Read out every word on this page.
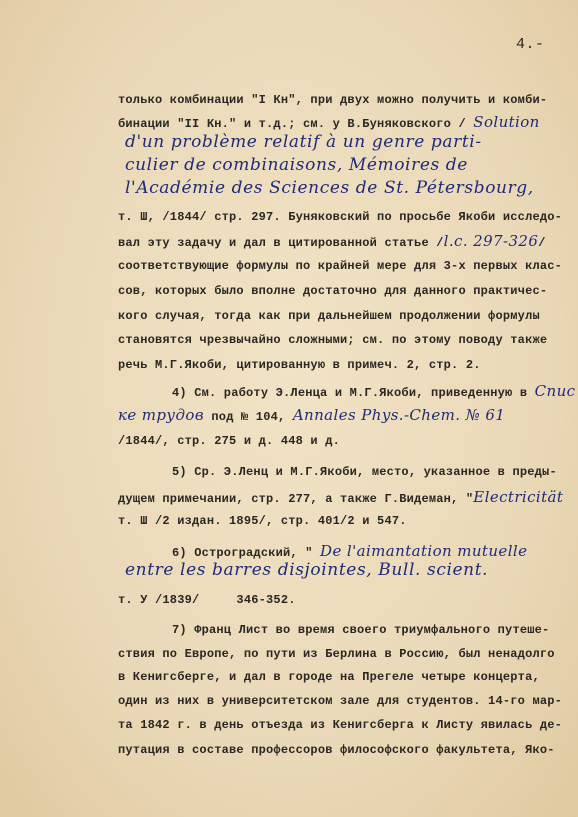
4.-
только комбинации "I Кн", при двух можно получить и комби-
бинации "II Кн." и т.д.; см. у В.Буняковского / Solution
d'un problème relatif à un genre parti-
culier de combinaisons, Mémoires de
l'Académie des Sciences de St. Pétersbourg,
т. Ш, /1844/ стр. 297. Буняковский по просьбе Якоби исследо-
вал эту задачу и дал в цитированной статье /l.c. 297-326/
соответствующие формулы по крайней мере для 3-х первых клас-
сов, которых было вполне достаточно для данного практичес-
кого случая, тогда как при дальнейшем продолжении формулы
становятся чрезвычайно сложными; см. по этому поводу также
речь М.Г.Якоби, цитированную в примеч. 2, стр. 2.
4) См. работу Э.Ленца и М.Г.Якоби, приведенную в Спис
ке трудов под № 104, Annales Phys.-Chem. № 61
/1844/, стр. 275 и д. 448 и д.
5) Ср. Э.Ленц и М.Г.Якоби, место, указанное в преды-
дущем примечании, стр. 277, а также Г.Видеман, "Electricität
т. Ш /2 издан. 1895/, стр. 401/2 и 547.
6) Остроградский, " De l'aimantation mutuelle
entre les barres disjointes, Bull. scient.
т. У /1839/     346-352.
7) Франц Лист во время своего триумфального путеше-
ствия по Европе, по пути из Берлина в Россию, был ненадолго
в Кенигсберге, и дал в городе на Прегеле четыре концерта,
один из них в университетском зале для студентов. 14-го мар-
та 1842 г. в день отъезда из Кенигсберга к Листу явилась де-
путация в составе профессоров философского факультета, Яко-
